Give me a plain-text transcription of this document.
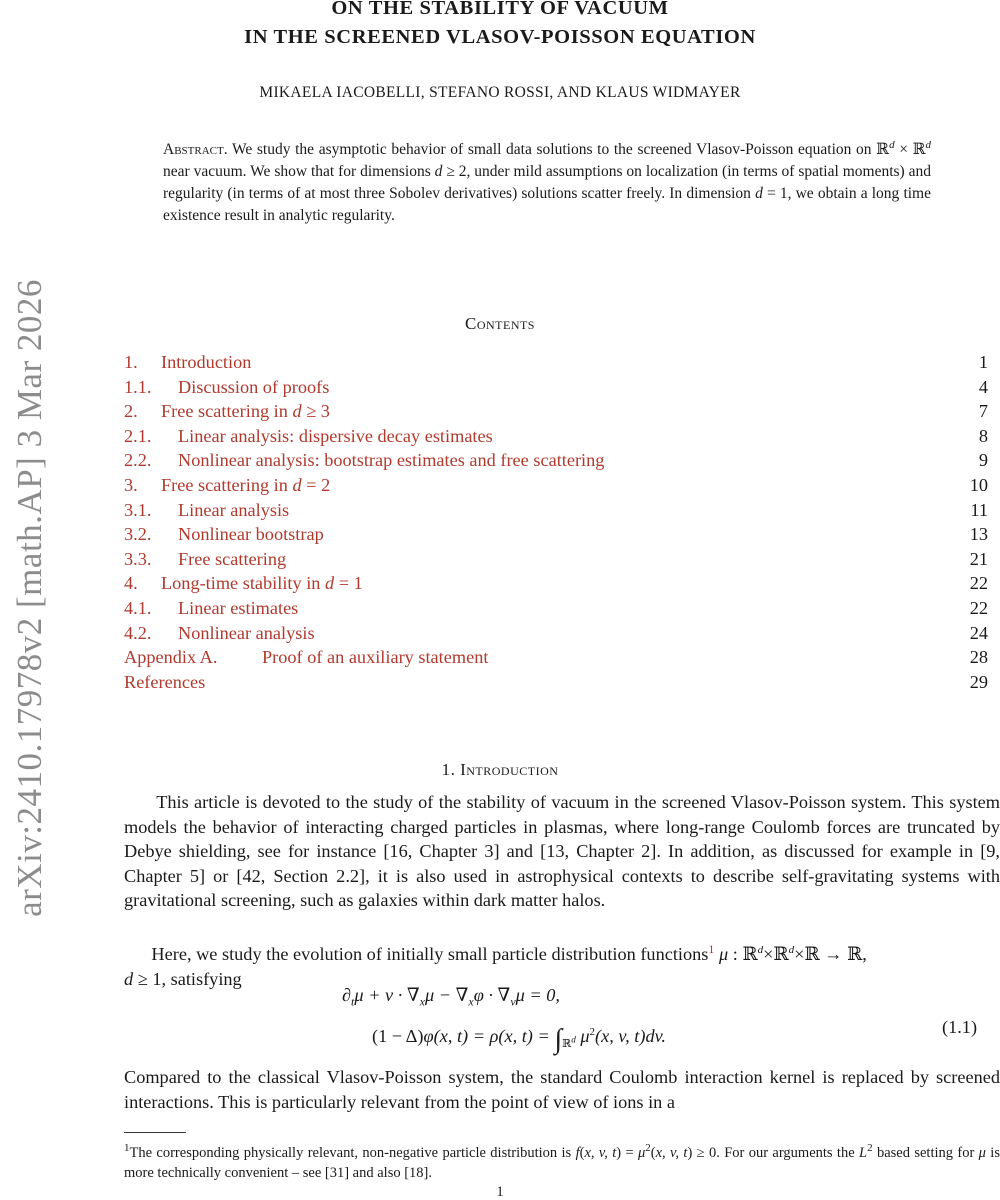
arXiv:2410.17978v2 [math.AP] 3 Mar 2026
ON THE STABILITY OF VACUUM
IN THE SCREENED VLASOV-POISSON EQUATION
MIKAELA IACOBELLI, STEFANO ROSSI, AND KLAUS WIDMAYER
Abstract. We study the asymptotic behavior of small data solutions to the screened Vlasov-Poisson equation on ℝ$^d$ × ℝ$^d$ near vacuum. We show that for dimensions d ≥ 2, under mild assumptions on localization (in terms of spatial moments) and regularity (in terms of at most three Sobolev derivatives) solutions scatter freely. In dimension d = 1, we obtain a long time existence result in analytic regularity.
Contents
1. Introduction	1
1.1. Discussion of proofs	4
2. Free scattering in d ≥ 3	7
2.1. Linear analysis: dispersive decay estimates	8
2.2. Nonlinear analysis: bootstrap estimates and free scattering	9
3. Free scattering in d = 2	10
3.1. Linear analysis	11
3.2. Nonlinear bootstrap	13
3.3. Free scattering	21
4. Long-time stability in d = 1	22
4.1. Linear estimates	22
4.2. Nonlinear analysis	24
Appendix A. Proof of an auxiliary statement	28
References	29
1. Introduction
This article is devoted to the study of the stability of vacuum in the screened Vlasov-Poisson system. This system models the behavior of interacting charged particles in plasmas, where long-range Coulomb forces are truncated by Debye shielding, see for instance [16, Chapter 3] and [13, Chapter 2]. In addition, as discussed for example in [9, Chapter 5] or [42, Section 2.2], it is also used in astrophysical contexts to describe self-gravitating systems with gravitational screening, such as galaxies within dark matter halos.
Here, we study the evolution of initially small particle distribution functions$^1$ μ : ℝ$^d$×ℝ$^d$×ℝ → ℝ,
d ≥ 1, satisfying
$\partial_t\mu + v \cdot \nabla_x\mu - \nabla_x\varphi \cdot \nabla_v\mu = 0$,
(1 − Δ)φ(x, t) = ρ(x, $t) = \int_{ℝ^d}$ $\mu^2(x$, v, t)dv.	(1.1)
Compared to the classical Vlasov-Poisson system, the standard Coulomb interaction kernel is replaced by screened interactions. This is particularly relevant from the point of view of ions in a
$^1$The corresponding physically relevant, non-negative particle distribution is f(x, v, $t) = \mu^2(x$, v, t) ≥ 0. For our arguments the $L^2$ based setting for μ is more technically convenient – see [31] and also [18].
1
